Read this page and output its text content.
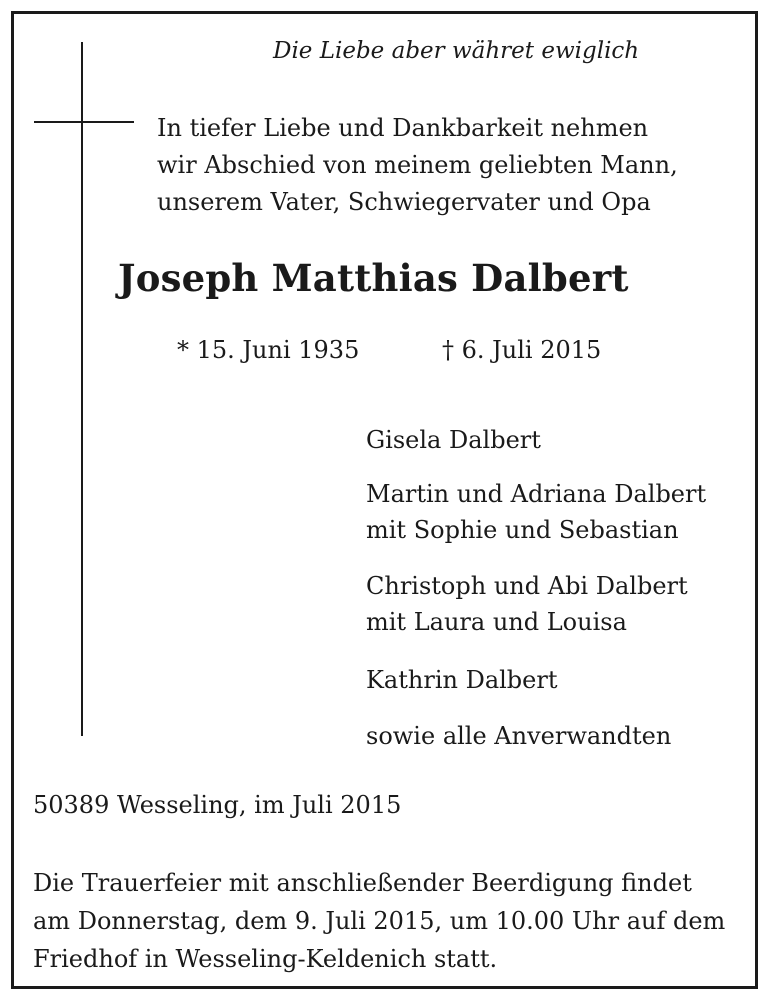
Die Liebe aber währet ewiglich
In tiefer Liebe und Dankbarkeit nehmen
wir Abschied von meinem geliebten Mann,
unserem Vater, Schwiegervater und Opa
Joseph Matthias Dalbert
* 15. Juni 1935	† 6. Juli 2015
Gisela Dalbert
Martin und Adriana Dalbert
mit Sophie und Sebastian
Christoph und Abi Dalbert
mit Laura und Louisa
Kathrin Dalbert
sowie alle Anverwandten
50389 Wesseling, im Juli 2015
Die Trauerfeier mit anschließender Beerdigung findet
am Donnerstag, dem 9. Juli 2015, um 10.00 Uhr auf dem
Friedhof in Wesseling-Keldenich statt.
